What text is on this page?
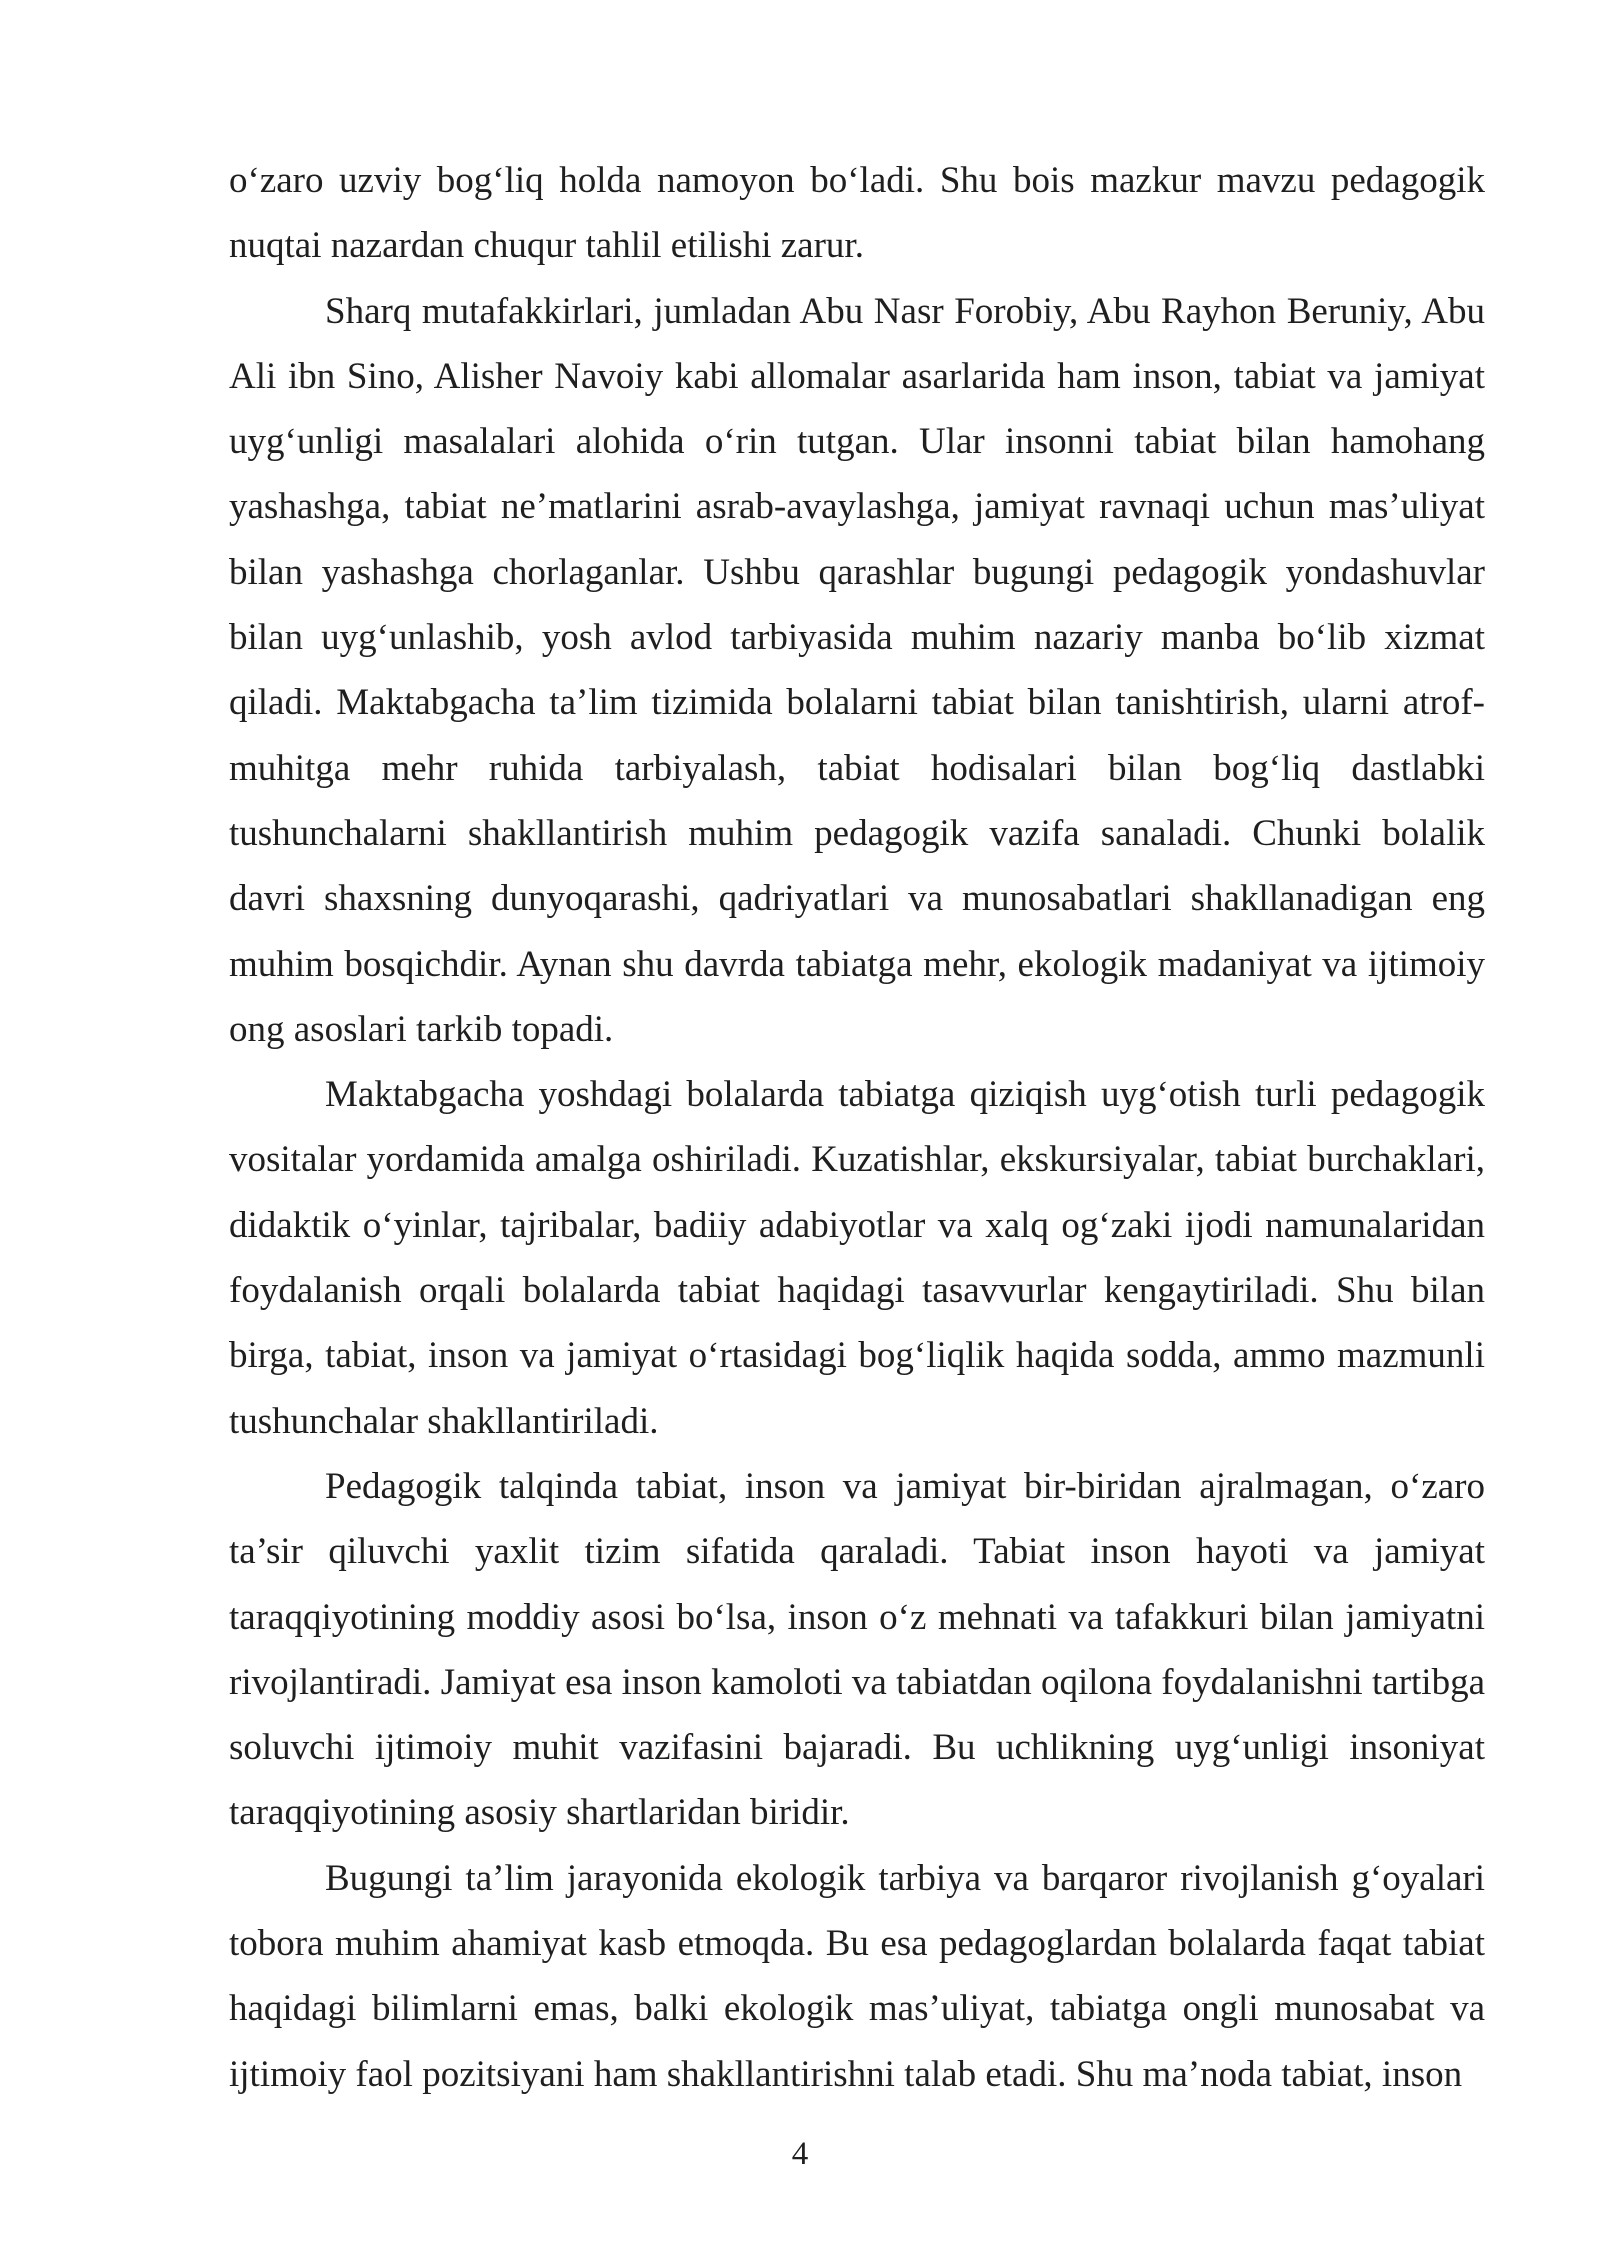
o‘zaro uzviy bog‘liq holda namoyon bo‘ladi. Shu bois mazkur mavzu pedagogik nuqtai nazardan chuqur tahlil etilishi zarur.

Sharq mutafakkirlari, jumladan Abu Nasr Forobiy, Abu Rayhon Beruniy, Abu Ali ibn Sino, Alisher Navoiy kabi allomalar asarlarida ham inson, tabiat va jamiyat uyg‘unligi masalalari alohida o‘rin tutgan. Ular insonni tabiat bilan hamohang yashashga, tabiat ne’matlarini asrab-avaylashga, jamiyat ravnaqi uchun mas’uliyat bilan yashashga chorlaganlar. Ushbu qarashlar bugungi pedagogik yondashuvlar bilan uyg‘unlashib, yosh avlod tarbiyasida muhim nazariy manba bo‘lib xizmat qiladi. Maktabgacha ta’lim tizimida bolalarni tabiat bilan tanishtirish, ularni atrof-muhitga mehr ruhida tarbiyalash, tabiat hodisalari bilan bog‘liq dastlabki tushunchalarni shakllantirish muhim pedagogik vazifa sanaladi. Chunki bolalik davri shaxsning dunyoqarashi, qadriyatlari va munosabatlari shakllanadigan eng muhim bosqichdir. Aynan shu davrda tabiatga mehr, ekologik madaniyat va ijtimoiy ong asoslari tarkib topadi.

Maktabgacha yoshdagi bolalarda tabiatga qiziqish uyg‘otish turli pedagogik vositalar yordamida amalga oshiriladi. Kuzatishlar, ekskursiyalar, tabiat burchaklari, didaktik o‘yinlar, tajribalar, badiiy adabiyotlar va xalq og‘zaki ijodi namunalaridan foydalanish orqali bolalarda tabiat haqidagi tasavvurlar kengaytiriladi. Shu bilan birga, tabiat, inson va jamiyat o‘rtasidagi bog‘liqlik haqida sodda, ammo mazmunli tushunchalar shakllantiriladi.

Pedagogik talqinda tabiat, inson va jamiyat bir-biridan ajralmagan, o‘zaro ta’sir qiluvchi yaxlit tizim sifatida qaraladi. Tabiat inson hayoti va jamiyat taraqqiyotining moddiy asosi bo‘lsa, inson o‘z mehnati va tafakkuri bilan jamiyatni rivojlantiradi. Jamiyat esa inson kamoloti va tabiatdan oqilona foydalanishni tartibga soluvchi ijtimoiy muhit vazifasini bajaradi. Bu uchlikning uyg‘unligi insoniyat taraqqiyotining asosiy shartlaridan biridir.

Bugungi ta’lim jarayonida ekologik tarbiya va barqaror rivojlanish g‘oyalari tobora muhim ahamiyat kasb etmoqda. Bu esa pedagoglardan bolalarda faqat tabiat haqidagi bilimlarni emas, balki ekologik mas’uliyat, tabiatga ongli munosabat va ijtimoiy faol pozitsiyani ham shakllantirishni talab etadi. Shu ma’noda tabiat, inson

4
